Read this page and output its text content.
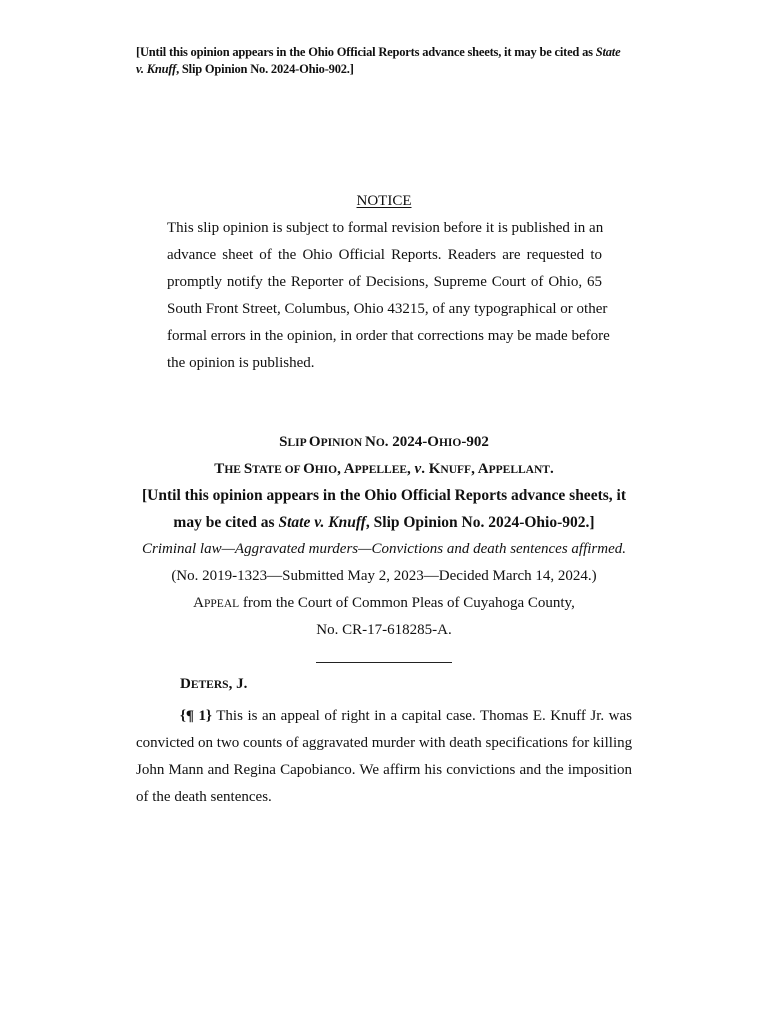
[Until this opinion appears in the Ohio Official Reports advance sheets, it may be cited as State
v. Knuff, Slip Opinion No. 2024-Ohio-902.]
NOTICE
This slip opinion is subject to formal revision before it is published in an
advance sheet of the Ohio Official Reports. Readers are requested to
promptly notify the Reporter of Decisions, Supreme Court of Ohio, 65
South Front Street, Columbus, Ohio 43215, of any typographical or other
formal errors in the opinion, in order that corrections may be made before
the opinion is published.
SLIP OPINION NO. 2024-OHIO-902
THE STATE OF OHIO, APPELLEE, v. KNUFF, APPELLANT.
[Until this opinion appears in the Ohio Official Reports advance sheets, it
may be cited as State v. Knuff, Slip Opinion No. 2024-Ohio-902.]
Criminal law—Aggravated murders—Convictions and death sentences affirmed.
(No. 2019-1323—Submitted May 2, 2023—Decided March 14, 2024.)
APPEAL from the Court of Common Pleas of Cuyahoga County,
No. CR-17-618285-A.
DETERS, J.
{¶ 1} This is an appeal of right in a capital case. Thomas E. Knuff Jr. was
convicted on two counts of aggravated murder with death specifications for killing
John Mann and Regina Capobianco. We affirm his convictions and the imposition
of the death sentences.
